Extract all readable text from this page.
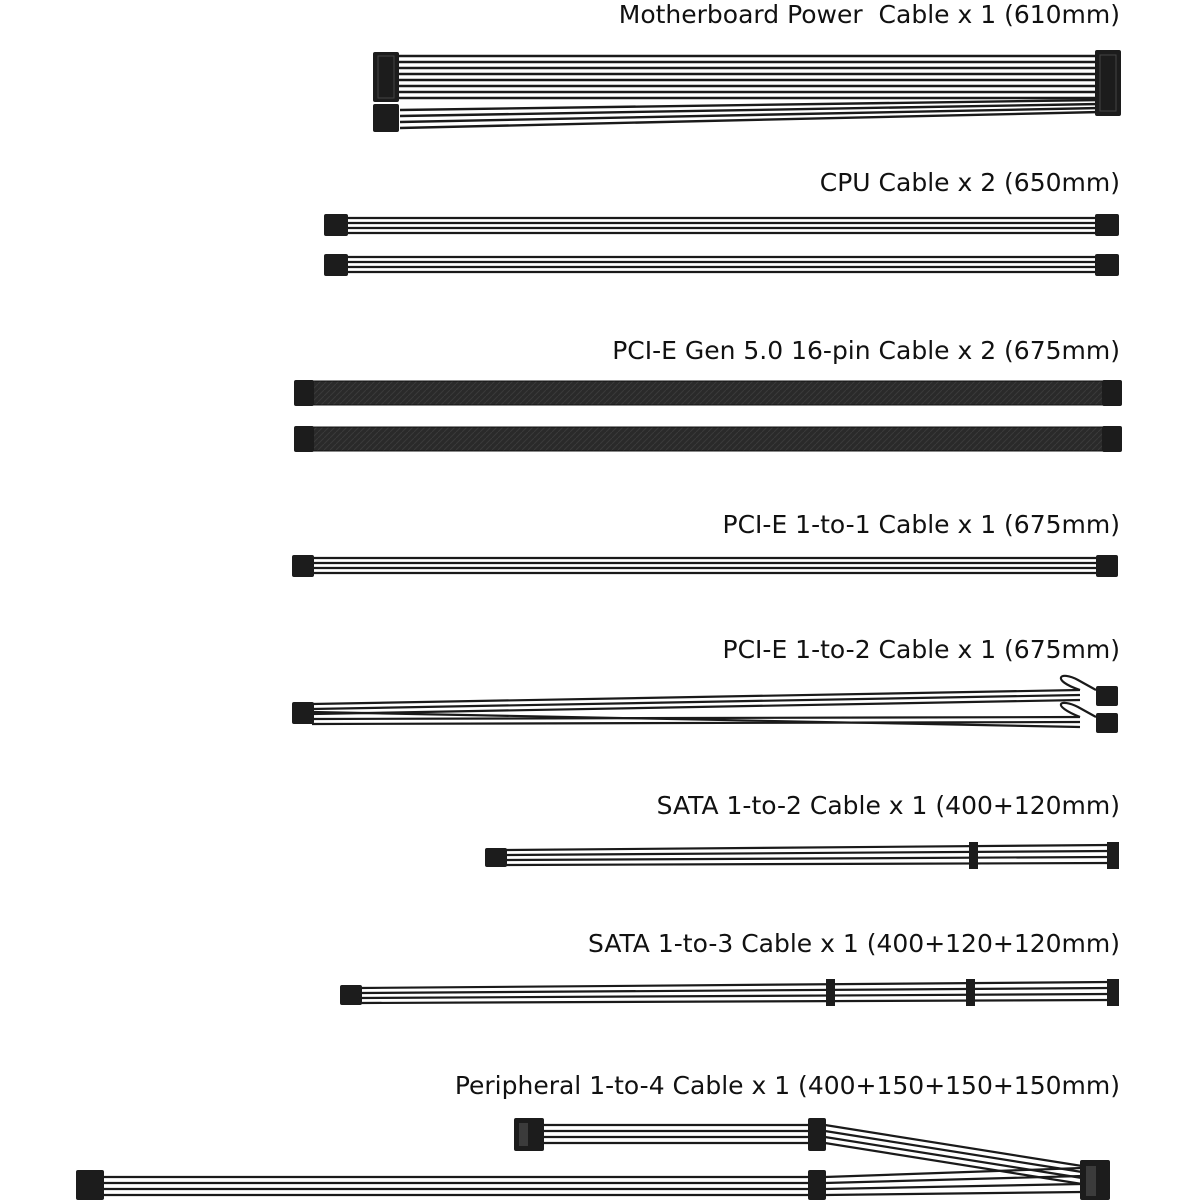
Motherboard Power  Cable x 1 (610mm)
CPU Cable x 2 (650mm)
PCI-E Gen 5.0 16-pin Cable x 2 (675mm)
PCI-E 1-to-1 Cable x 1 (675mm)
PCI-E 1-to-2 Cable x 1 (675mm)
SATA 1-to-2 Cable x 1 (400+120mm)
SATA 1-to-3 Cable x 1 (400+120+120mm)
Peripheral 1-to-4 Cable x 1 (400+150+150+150mm)
